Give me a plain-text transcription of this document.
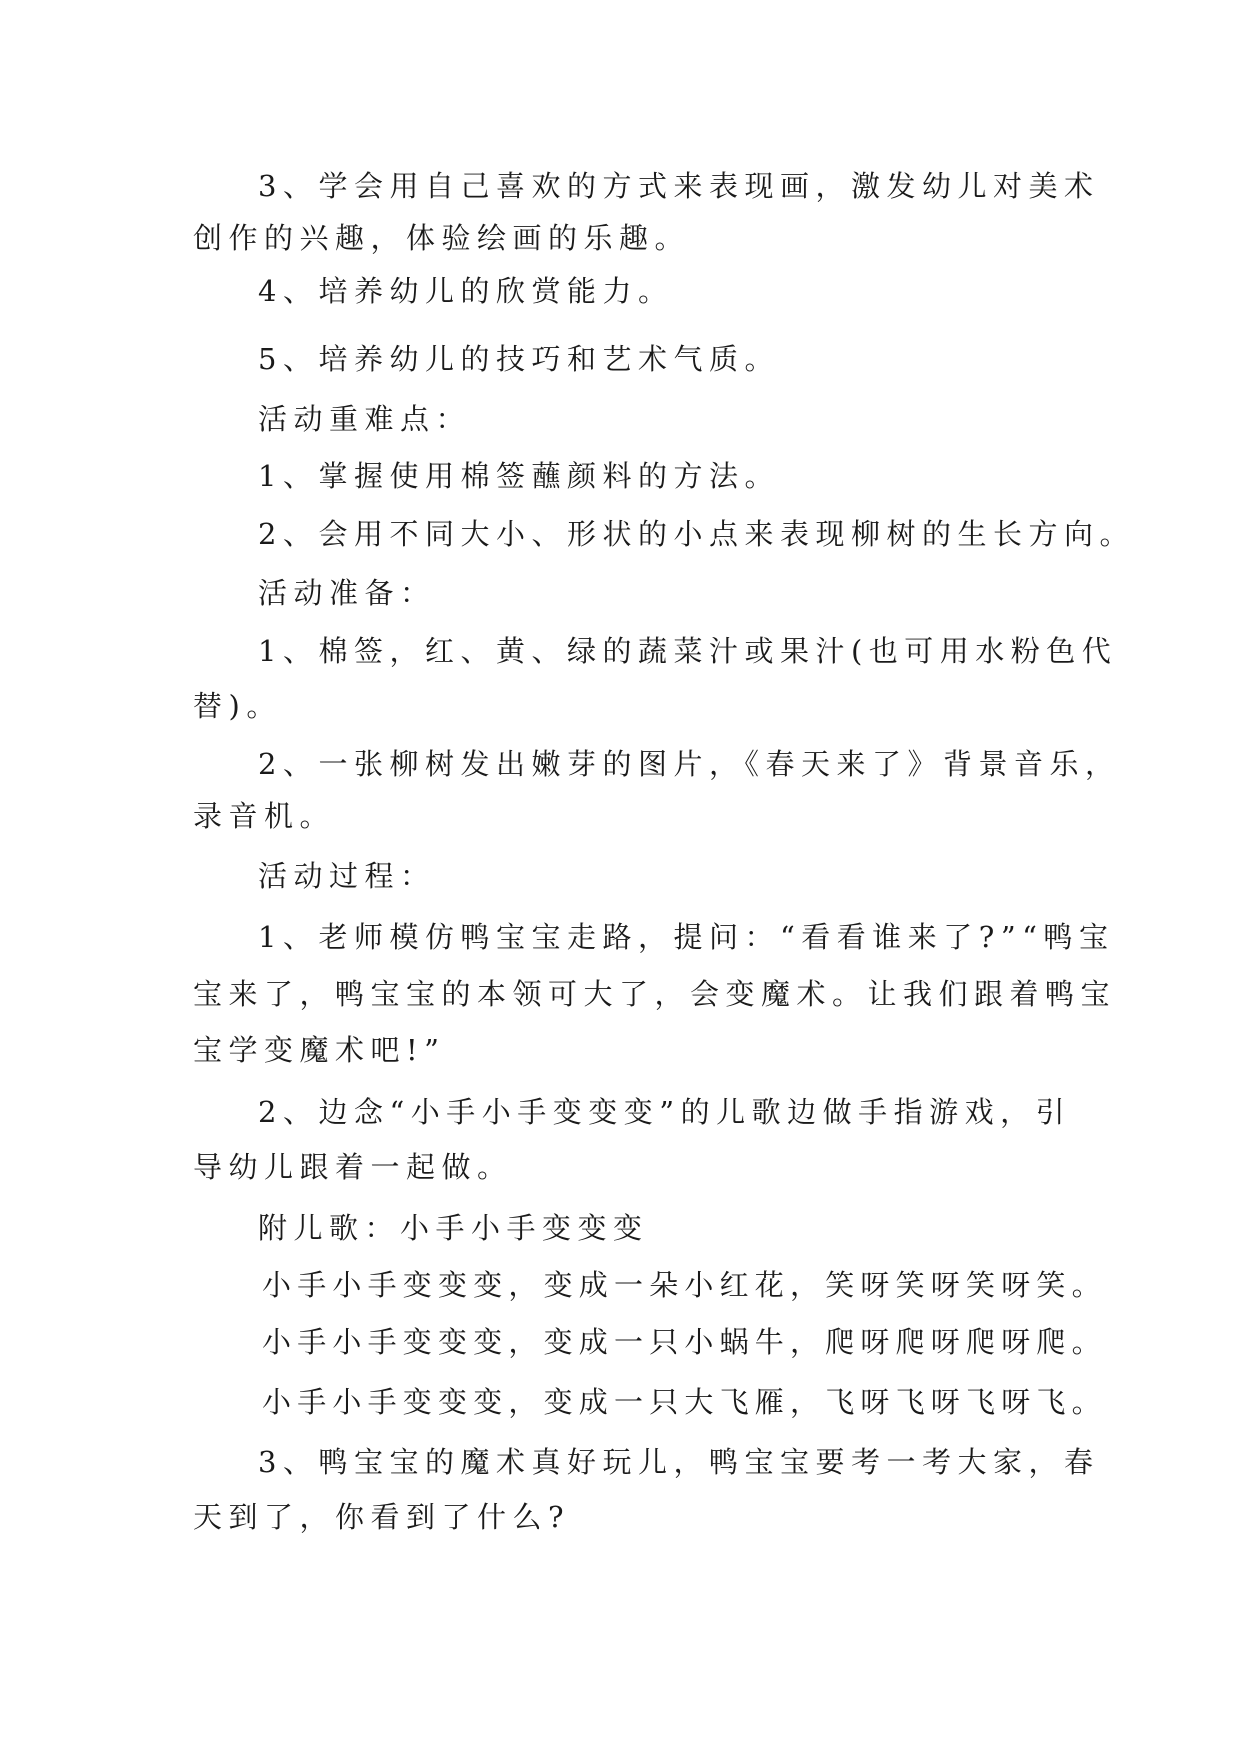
3、学会用自己喜欢的方式来表现画，激发幼儿对美术

创作的兴趣，体验绘画的乐趣。

4、培养幼儿的欣赏能力。

5、培养幼儿的技巧和艺术气质。

活动重难点：

1、掌握使用棉签蘸颜料的方法。

2、会用不同大小、形状的小点来表现柳树的生长方向。

活动准备：

1、棉签，红、黄、绿的蔬菜汁或果汁(也可用水粉色代

替)。

2、一张柳树发出嫩芽的图片，《春天来了》背景音乐，

录音机。

活动过程：

1、老师模仿鸭宝宝走路，提问：“看看谁来了?”“鸭宝

宝来了，鸭宝宝的本领可大了，会变魔术。让我们跟着鸭宝

宝学变魔术吧!”

2、边念“小手小手变变变”的儿歌边做手指游戏，引

导幼儿跟着一起做。

附儿歌：小手小手变变变

小手小手变变变，变成一朵小红花，笑呀笑呀笑呀笑。

小手小手变变变，变成一只小蜗牛，爬呀爬呀爬呀爬。

小手小手变变变，变成一只大飞雁，飞呀飞呀飞呀飞。

3、鸭宝宝的魔术真好玩儿，鸭宝宝要考一考大家，春

天到了，你看到了什么?
